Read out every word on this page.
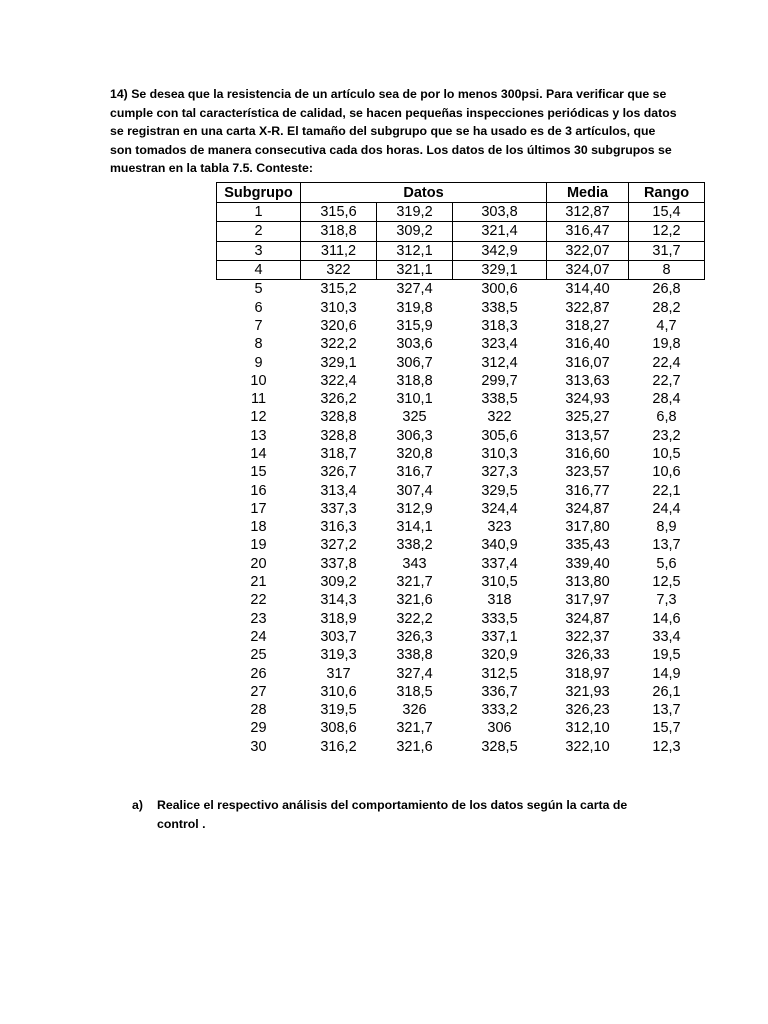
14) Se desea que la resistencia de un artículo sea de por lo menos 300psi. Para verificar que se
cumple con tal característica de calidad, se hacen pequeñas inspecciones periódicas y los datos
se registran en una carta X-R. El tamaño del subgrupo que se ha usado es de 3 artículos, que
son tomados de manera consecutiva cada dos horas. Los datos de los últimos 30 subgrupos se
muestran en la tabla 7.5. Conteste:
Subgrupo	Datos			Media	Rango
1	315,6	319,2	303,8	312,87	15,4
2	318,8	309,2	321,4	316,47	12,2
3	311,2	312,1	342,9	322,07	31,7
4	322	321,1	329,1	324,07	8
5	315,2	327,4	300,6	314,40	26,8
6	310,3	319,8	338,5	322,87	28,2
7	320,6	315,9	318,3	318,27	4,7
8	322,2	303,6	323,4	316,40	19,8
9	329,1	306,7	312,4	316,07	22,4
10	322,4	318,8	299,7	313,63	22,7
11	326,2	310,1	338,5	324,93	28,4
12	328,8	325	322	325,27	6,8
13	328,8	306,3	305,6	313,57	23,2
14	318,7	320,8	310,3	316,60	10,5
15	326,7	316,7	327,3	323,57	10,6
16	313,4	307,4	329,5	316,77	22,1
17	337,3	312,9	324,4	324,87	24,4
18	316,3	314,1	323	317,80	8,9
19	327,2	338,2	340,9	335,43	13,7
20	337,8	343	337,4	339,40	5,6
21	309,2	321,7	310,5	313,80	12,5
22	314,3	321,6	318	317,97	7,3
23	318,9	322,2	333,5	324,87	14,6
24	303,7	326,3	337,1	322,37	33,4
25	319,3	338,8	320,9	326,33	19,5
26	317	327,4	312,5	318,97	14,9
27	310,6	318,5	336,7	321,93	26,1
28	319,5	326	333,2	326,23	13,7
29	308,6	321,7	306	312,10	15,7
30	316,2	321,6	328,5	322,10	12,3
a) Realice el respectivo análisis del comportamiento de los datos según la carta de
control .
